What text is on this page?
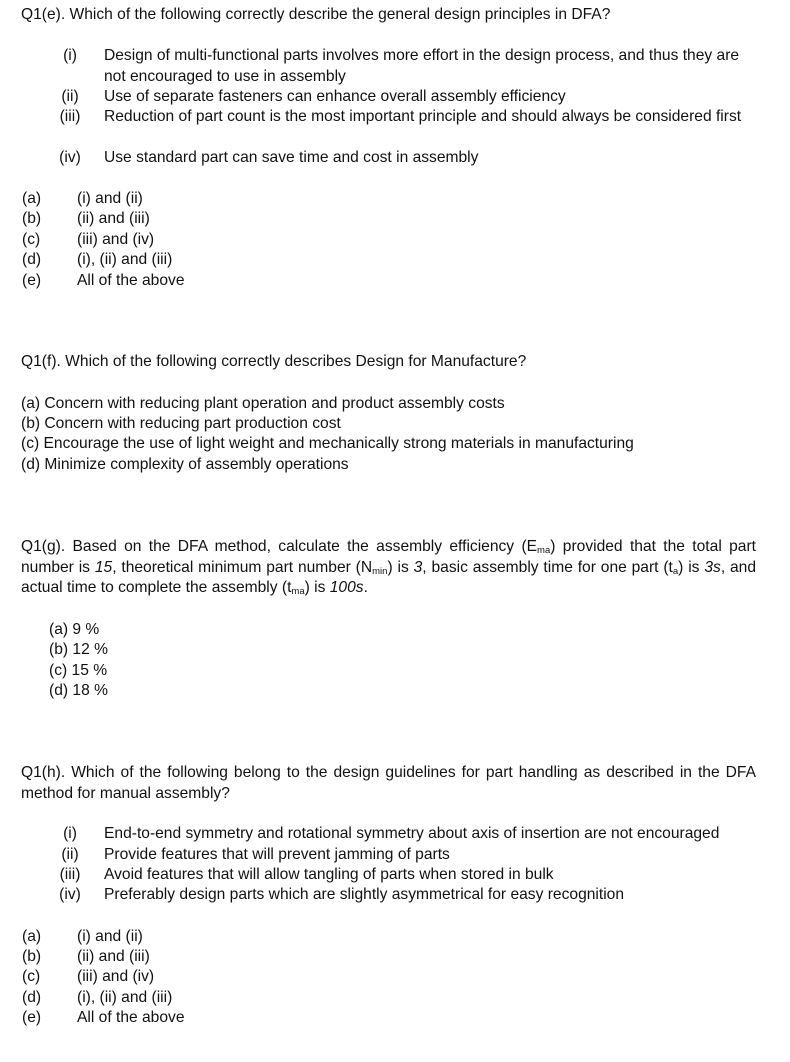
Q1(e). Which of the following correctly describe the general design principles in DFA?
(i)	Design of multi-functional parts involves more effort in the design process, and thus they are not encouraged to use in assembly
(ii)	Use of separate fasteners can enhance overall assembly efficiency
(iii) Reduction of part count is the most important principle and should always be considered first
(iv) Use standard part can save time and cost in assembly
(a)	(i) and (ii)
(b)	(ii) and (iii)
(c)	(iii) and (iv)
(d)	(i), (ii) and (iii)
(e)	All of the above
Q1(f). Which of the following correctly describes Design for Manufacture?
(a) Concern with reducing plant operation and product assembly costs
(b) Concern with reducing part production cost
(c) Encourage the use of light weight and mechanically strong materials in manufacturing
(d) Minimize complexity of assembly operations
Q1(g). Based on the DFA method, calculate the assembly efficiency $(E_{ma})$ provided that the total part number is 15, theoretical minimum part number $(N_{min})$ is 3, basic assembly time for one part $(t_a)$ is 3s, and actual time to complete the assembly $(t_{ma})$ is 100s.
(a) 9 %
(b) 12 %
(c) 15 %
(d) 18 %
Q1(h). Which of the following belong to the design guidelines for part handling as described in the DFA method for manual assembly?
(i)	End-to-end symmetry and rotational symmetry about axis of insertion are not encouraged
(ii)	Provide features that will prevent jamming of parts
(iii) Avoid features that will allow tangling of parts when stored in bulk
(iv) Preferably design parts which are slightly asymmetrical for easy recognition
(a)	(i) and (ii)
(b)	(ii) and (iii)
(c)	(iii) and (iv)
(d)	(i), (ii) and (iii)
(e)	All of the above
